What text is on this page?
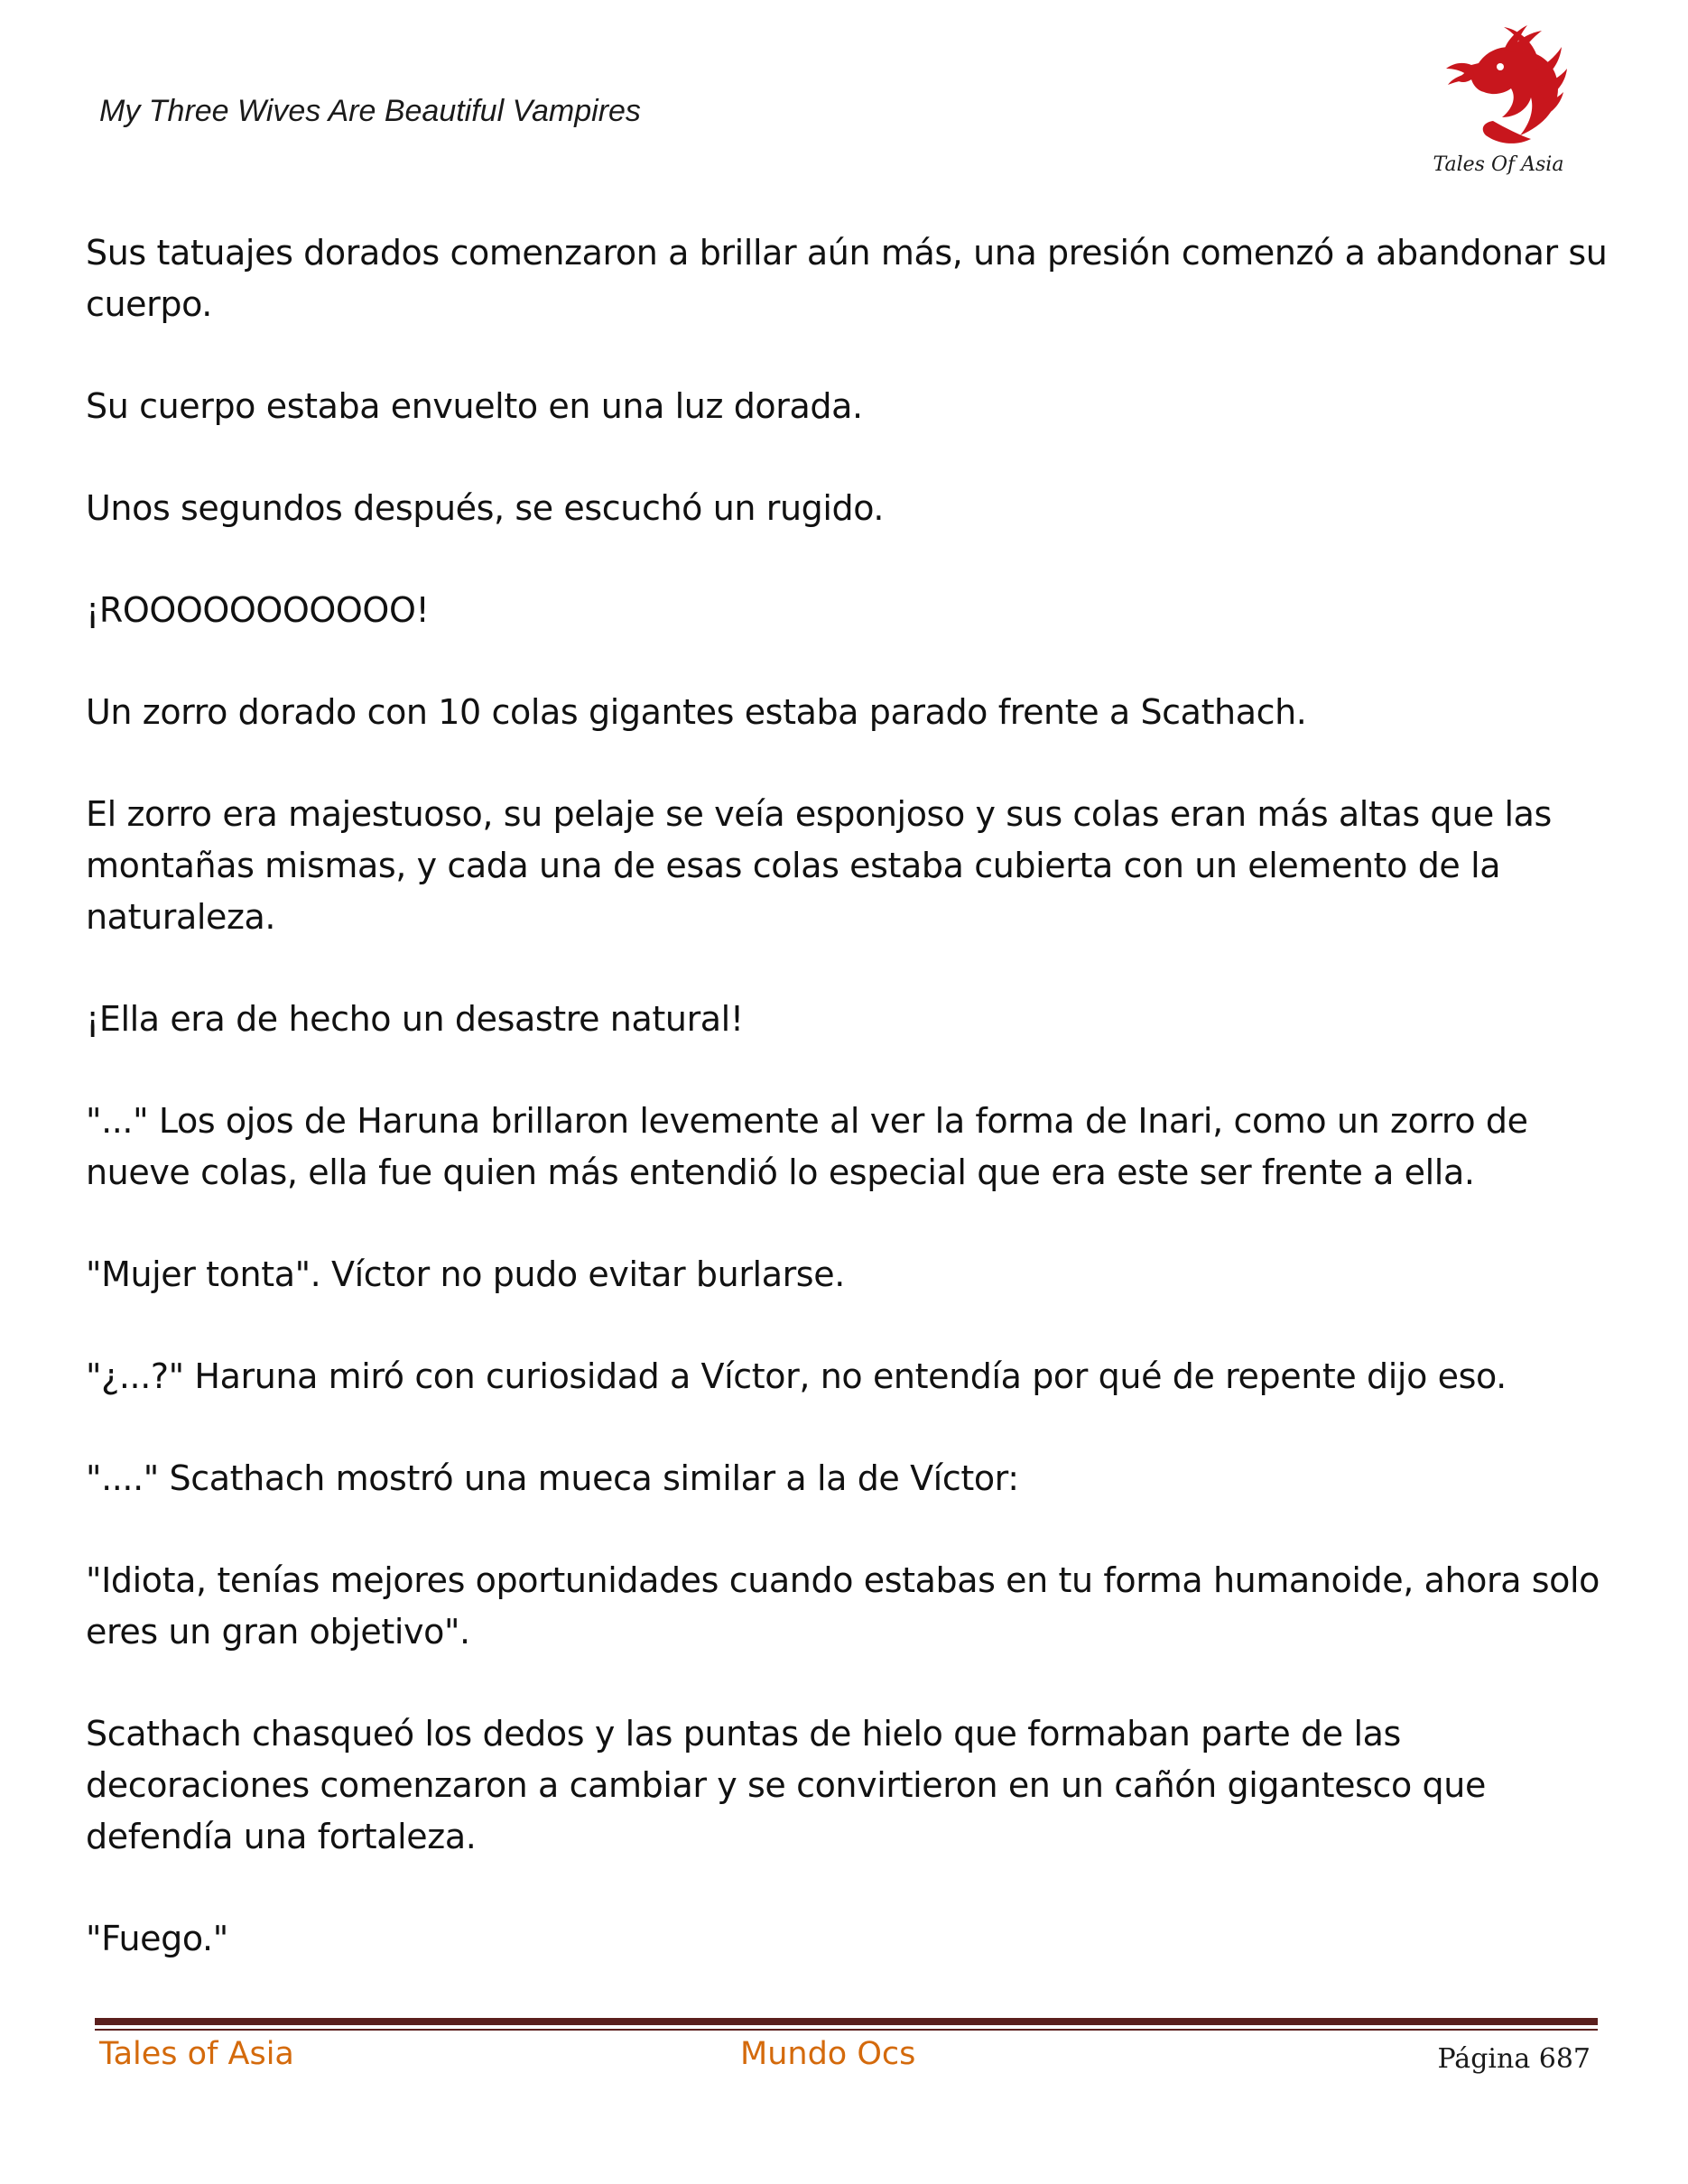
My Three Wives Are Beautiful Vampires
Tales Of Asia

Sus tatuajes dorados comenzaron a brillar aún más, una presión comenzó a abandonar su cuerpo.

Su cuerpo estaba envuelto en una luz dorada.

Unos segundos después, se escuchó un rugido.

¡ROOOOOOOOOOO!

Un zorro dorado con 10 colas gigantes estaba parado frente a Scathach.

El zorro era majestuoso, su pelaje se veía esponjoso y sus colas eran más altas que las montañas mismas, y cada una de esas colas estaba cubierta con un elemento de la naturaleza.

¡Ella era de hecho un desastre natural!

"..." Los ojos de Haruna brillaron levemente al ver la forma de Inari, como un zorro de nueve colas, ella fue quien más entendió lo especial que era este ser frente a ella.

"Mujer tonta". Víctor no pudo evitar burlarse.

"¿...?" Haruna miró con curiosidad a Víctor, no entendía por qué de repente dijo eso.

"...." Scathach mostró una mueca similar a la de Víctor:

"Idiota, tenías mejores oportunidades cuando estabas en tu forma humanoide, ahora solo eres un gran objetivo".

Scathach chasqueó los dedos y las puntas de hielo que formaban parte de las decoraciones comenzaron a cambiar y se convirtieron en un cañón gigantesco que defendía una fortaleza.

"Fuego."

Tales of Asia	Mundo Ocs	Página 687
